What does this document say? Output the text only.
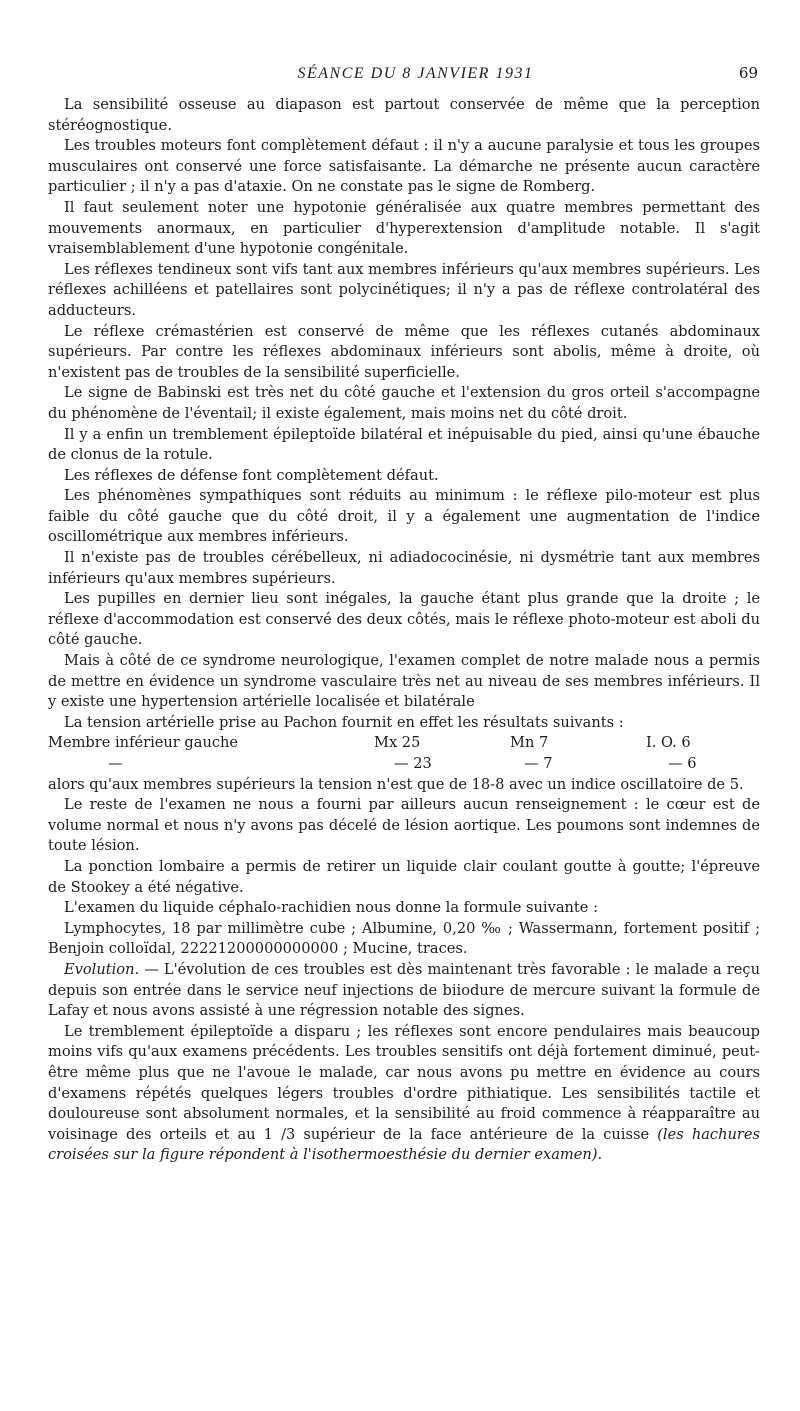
SÉANCE DU 8 JANVIER 1931	69

La sensibilité osseuse au diapason est partout conservée de même que la perception stéréognostique.

Les troubles moteurs font complètement défaut : il n'y a aucune paralysie et tous les groupes musculaires ont conservé une force satisfaisante. La démarche ne présente aucun caractère particulier ; il n'y a pas d'ataxie. On ne constate pas le signe de Romberg.

Il faut seulement noter une hypotonie généralisée aux quatre membres permettant des mouvements anormaux, en particulier d'hyperextension d'amplitude notable. Il s'agit vraisemblablement d'une hypotonie congénitale.

Les réflexes tendineux sont vifs tant aux membres inférieurs qu'aux membres supérieurs. Les réflexes achilléens et patellaires sont polycinétiques; il n'y a pas de réflexe controlatéral des adducteurs.

Le réflexe crémastérien est conservé de même que les réflexes cutanés abdominaux supérieurs. Par contre les réflexes abdominaux inférieurs sont abolis, même à droite, où n'existent pas de troubles de la sensibilité superficielle.

Le signe de Babinski est très net du côté gauche et l'extension du gros orteil s'accompagne du phénomène de l'éventail; il existe également, mais moins net du côté droit.

Il y a enfin un tremblement épileptoïde bilatéral et inépuisable du pied, ainsi qu'une ébauche de clonus de la rotule.

Les réflexes de défense font complètement défaut.

Les phénomènes sympathiques sont réduits au minimum : le réflexe pilo-moteur est plus faible du côté gauche que du côté droit, il y a également une augmentation de l'indice oscillométrique aux membres inférieurs.

Il n'existe pas de troubles cérébelleux, ni adiadococinésie, ni dysmétrie tant aux membres inférieurs qu'aux membres supérieurs.

Les pupilles en dernier lieu sont inégales, la gauche étant plus grande que la droite ; le réflexe d'accommodation est conservé des deux côtés, mais le réflexe photo-moteur est aboli du côté gauche.

Mais à côté de ce syndrome neurologique, l'examen complet de notre malade nous a permis de mettre en évidence un syndrome vasculaire très net au niveau de ses membres inférieurs. Il y existe une hypertension artérielle localisée et bilatérale

La tension artérielle prise au Pachon fournit en effet les résultats suivants :

Membre inférieur gauche	Mx 25	Mn 7	I. O. 6
—	— 23	— 7	— 6

alors qu'aux membres supérieurs la tension n'est que de 18-8 avec un indice oscillatoire de 5.

Le reste de l'examen ne nous a fourni par ailleurs aucun renseignement : le cœur est de volume normal et nous n'y avons pas décelé de lésion aortique. Les poumons sont indemnes de toute lésion.

La ponction lombaire a permis de retirer un liquide clair coulant goutte à goutte; l'épreuve de Stookey a été négative.

L'examen du liquide céphalo-rachidien nous donne la formule suivante :

Lymphocytes, 18 par millimètre cube ; Albumine, 0,20 ‰ ; Wassermann, fortement positif ; Benjoin colloïdal, 22221200000000000 ; Mucine, traces.

Evolution. — L'évolution de ces troubles est dès maintenant très favorable : le malade a reçu depuis son entrée dans le service neuf injections de biiodure de mercure suivant la formule de Lafay et nous avons assisté à une régression notable des signes.

Le tremblement épileptoïde a disparu ; les réflexes sont encore pendulaires mais beaucoup moins vifs qu'aux examens précédents. Les troubles sensitifs ont déjà fortement diminué, peut-être même plus que ne l'avoue le malade, car nous avons pu mettre en évidence au cours d'examens répétés quelques légers troubles d'ordre pithiatique. Les sensibilités tactile et douloureuse sont absolument normales, et la sensibilité au froid commence à réapparaître au voisinage des orteils et au 1 /3 supérieur de la face antérieure de la cuisse (les hachures croisées sur la figure répondent à l'isothermoesthésie du dernier examen).
